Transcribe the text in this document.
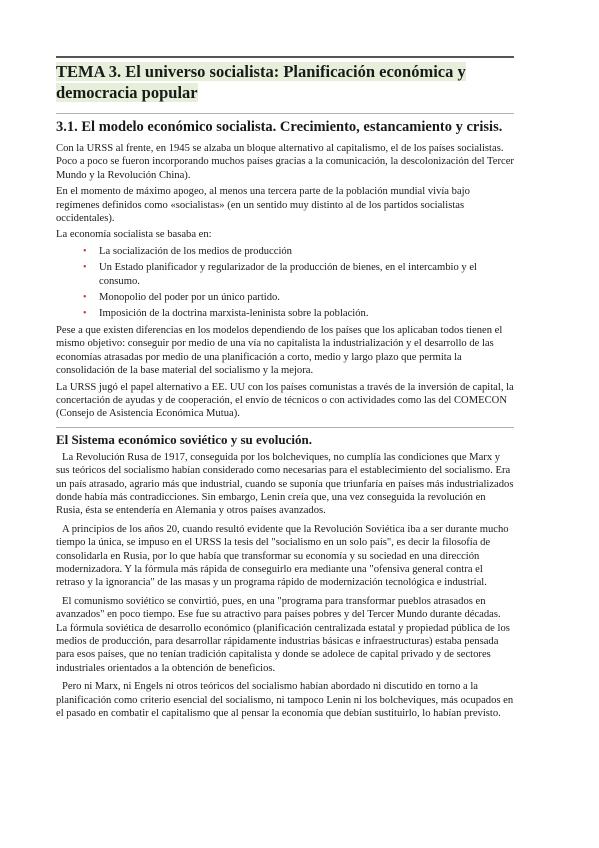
TEMA 3. El universo socialista: Planificación económica y democracia popular
3.1. El modelo económico socialista. Crecimiento, estancamiento y crisis.

Con la URSS al frente, en 1945 se alzaba un bloque alternativo al capitalismo, el de los países socialistas. Poco a poco se fueron incorporando muchos países gracias a la comunicación, la descolonización del Tercer Mundo y la Revolución China).

En el momento de máximo apogeo, al menos una tercera parte de la población mundial vivía bajo regímenes definidos como «socialistas» (en un sentido muy distinto al de los partidos socialistas occidentales).

La economía socialista se basaba en:

• La socialización de los medios de producción
• Un Estado planificador y regularizador de la producción de bienes, en el intercambio y el consumo.
• Monopolio del poder por un único partido.
• Imposición de la doctrina marxista-leninista sobre la población.

Pese a que existen diferencias en los modelos dependiendo de los países que los aplicaban todos tienen el mismo objetivo: conseguir por medio de una vía no capitalista la industrialización y el desarrollo de las economías atrasadas por medio de una planificación a corto, medio y largo plazo que permita la consolidación de la base material del socialismo y la mejora.

La URSS jugó el papel alternativo a EE. UU con los países comunistas a través de la inversión de capital, la concertación de ayudas y de cooperación, el envío de técnicos o con actividades como las del COMECON (Consejo de Asistencia Económica Mutua).

El Sistema económico soviético y su evolución.

La Revolución Rusa de 1917, conseguida por los bolcheviques, no cumplía las condiciones que Marx y sus teóricos del socialismo habían considerado como necesarias para el establecimiento del socialismo. Era un país atrasado, agrario más que industrial, cuando se suponía que triunfaría en países más industrializados donde había más contradicciones. Sin embargo, Lenin creía que, una vez conseguida la revolución en Rusia, ésta se entendería en Alemania y otros países avanzados.

A principios de los años 20, cuando resultó evidente que la Revolución Soviética iba a ser durante mucho tiempo la única, se impuso en el URSS la tesis del "socialismo en un solo país", es decir la filosofía de consolidarla en Rusia, por lo que había que transformar su economía y su sociedad en una dirección modernizadora. Y la fórmula más rápida de conseguirlo era mediante una "ofensiva general contra el retraso y la ignorancia" de las masas y un programa rápido de modernización tecnológica e industrial.

El comunismo soviético se convirtió, pues, en una "programa para transformar pueblos atrasados en avanzados" en poco tiempo. Ese fue su atractivo para países pobres y del Tercer Mundo durante décadas. La fórmula soviética de desarrollo económico (planificación centralizada estatal y propiedad pública de los medios de producción, para desarrollar rápidamente industrias básicas e infraestructuras) estaba pensada para esos países, que no tenían tradición capitalista y donde se adolece de capital privado y de sectores industriales orientados a la obtención de beneficios.

Pero ni Marx, ni Engels ni otros teóricos del socialismo habían abordado ni discutido en torno a la planificación como criterio esencial del socialismo, ni tampoco Lenin ni los bolcheviques, más ocupados en el pasado en combatir el capitalismo que al pensar la economía que debían sustituirlo, lo habían previsto.
